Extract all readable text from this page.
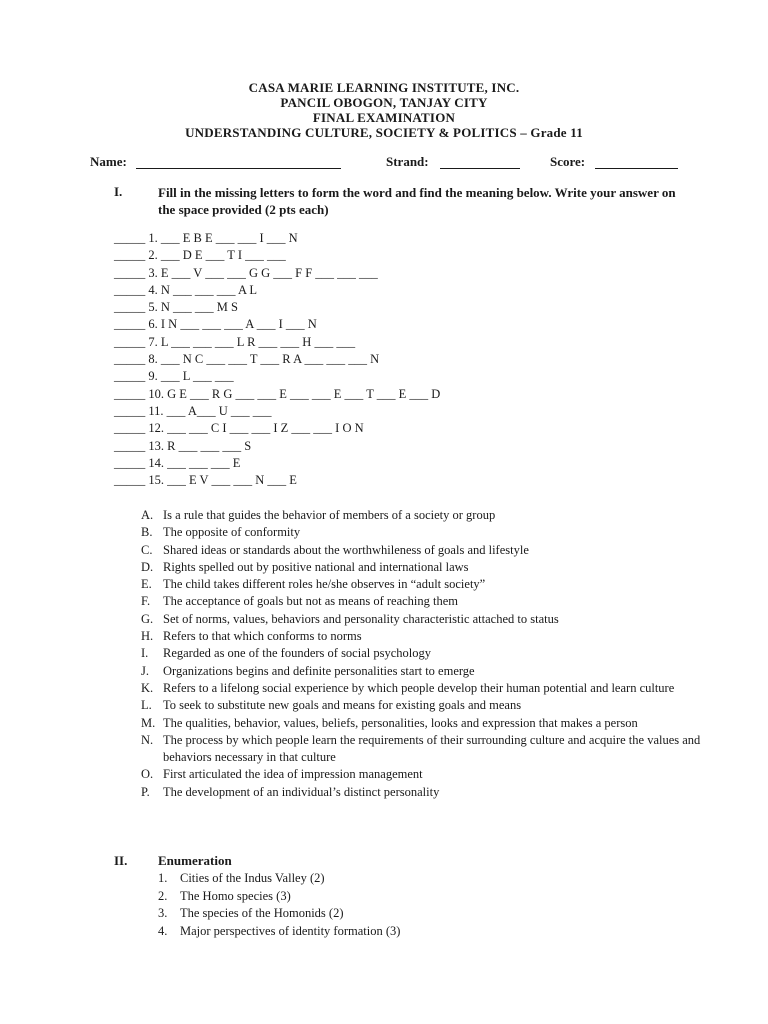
CASA MARIE LEARNING INSTITUTE, INC.
PANCIL OBOGON, TANJAY CITY
FINAL EXAMINATION
UNDERSTANDING CULTURE, SOCIETY & POLITICS – Grade 11
Name:	Strand:	Score:
I.	Fill in the missing letters to form the word and find the meaning below. Write your answer on the space provided (2 pts each)
_____ 1. ___ E B E ___ ___ I ___ N
_____ 2. ___ D E ___ T I ___ ___
_____ 3. E ___ V ___ ___ G G ___ F F ___ ___ ___
_____ 4. N ___ ___ ___ A L
_____ 5. N ___ ___ M S
_____ 6. I N ___ ___ ___ A ___ I ___ N
_____ 7. L ___ ___ ___ L R ___ ___ H ___ ___
_____ 8. ___ N C ___ ___ T ___ R A ___ ___ ___ N
_____ 9. ___ L ___ ___
_____ 10. G E ___ R G ___ ___ E ___ ___ E ___ T ___ E ___ D
_____ 11. ___ A___ U ___ ___
_____ 12. ___ ___ C I ___ ___ I Z ___ ___ I O N
_____ 13. R ___ ___ ___ S
_____ 14. ___ ___ ___ E
_____ 15. ___ E V ___ ___ N ___ E
A. Is a rule that guides the behavior of members of a society or group
B. The opposite of conformity
C. Shared ideas or standards about the worthwhileness of goals and lifestyle
D. Rights spelled out by positive national and international laws
E. The child takes different roles he/she observes in “adult society”
F.	The acceptance of goals but not as means of reaching them
G. Set of norms, values, behaviors and personality characteristic attached to status
H. Refers to that which conforms to norms
I.	Regarded as one of the founders of social psychology
J.	Organizations begins and definite personalities start to emerge
K. Refers to a lifelong social experience by which people develop their human potential and learn culture
L. To seek to substitute new goals and means for existing goals and means
M. The qualities, behavior, values, beliefs, personalities, looks and expression that makes a person
N. The process by which people learn the requirements of their surrounding culture and acquire the values and behaviors necessary in that culture
O. First articulated the idea of impression management
P.	The development of an individual’s distinct personality
II. Enumeration
1.	Cities of the Indus Valley (2)
2.	The Homo species (3)
3.	The species of the Homonids (2)
4.	Major perspectives of identity formation (3)
